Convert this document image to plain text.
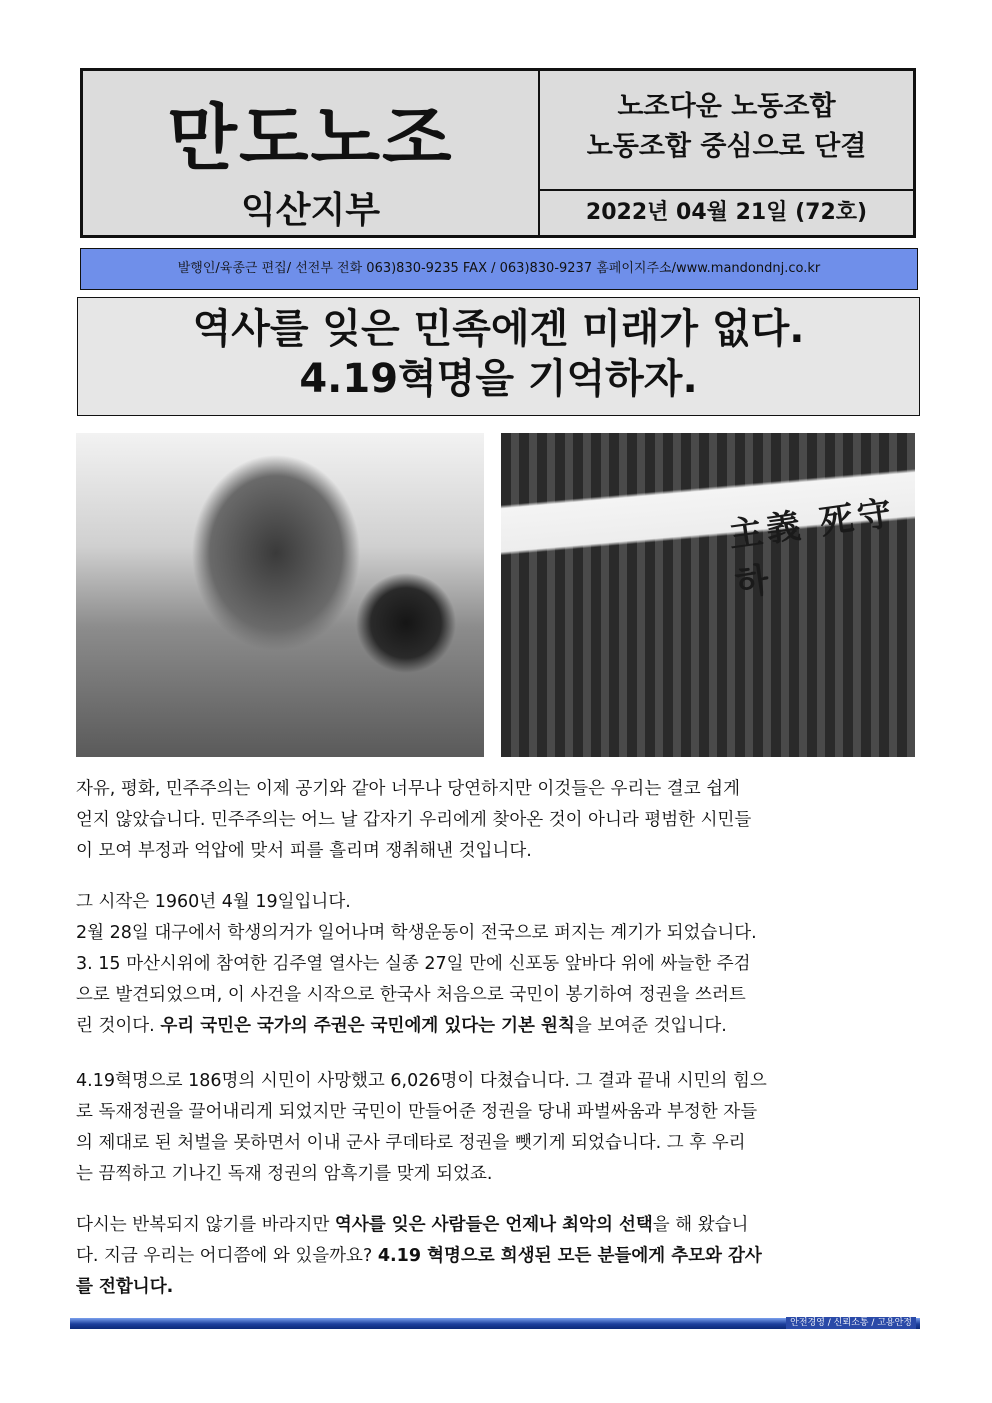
만도노조
익산지부
노조다운 노동조합
노동조합 중심으로 단결
2022년 04월 21일 (72호)
발행인/육종근 편집/ 선전부 전화 063)830-9235 FAX / 063)830-9237 홈페이지주소/www.mandondnj.co.kr
역사를 잊은 민족에겐 미래가 없다.
4.19혁명을 기억하자.
主義 死守하
자유, 평화, 민주주의는 이제 공기와 같아 너무나 당연하지만 이것들은 우리는 결코 쉽게
얻지 않았습니다. 민주주의는 어느 날 갑자기 우리에게 찾아온 것이 아니라 평범한 시민들
이 모여 부정과 억압에 맞서 피를 흘리며 쟁취해낸 것입니다.
그 시작은 1960년 4월 19일입니다.
2월 28일 대구에서 학생의거가 일어나며 학생운동이 전국으로 퍼지는 계기가 되었습니다.
3. 15 마산시위에 참여한 김주열 열사는 실종 27일 만에 신포동 앞바다 위에 싸늘한 주검
으로 발견되었으며, 이 사건을 시작으로 한국사 처음으로 국민이 봉기하여 정권을 쓰러트
린 것이다. 우리 국민은 국가의 주권은 국민에게 있다는 기본 원칙을 보여준 것입니다.
4.19혁명으로 186명의 시민이 사망했고 6,026명이 다쳤습니다. 그 결과 끝내 시민의 힘으
로 독재정권을 끌어내리게 되었지만 국민이 만들어준 정권을 당내 파벌싸움과 부정한 자들
의 제대로 된 처벌을 못하면서 이내 군사 쿠데타로 정권을 뺏기게 되었습니다. 그 후 우리
는 끔찍하고 기나긴 독재 정권의 암흑기를 맞게 되었죠.
다시는 반복되지 않기를 바라지만 역사를 잊은 사람들은 언제나 최악의 선택을 해 왔습니
다. 지금 우리는 어디쯤에 와 있을까요? 4.19 혁명으로 희생된 모든 분들에게 추모와 감사
를 전합니다.
안전경영 / 신뢰소통 / 고용안정
